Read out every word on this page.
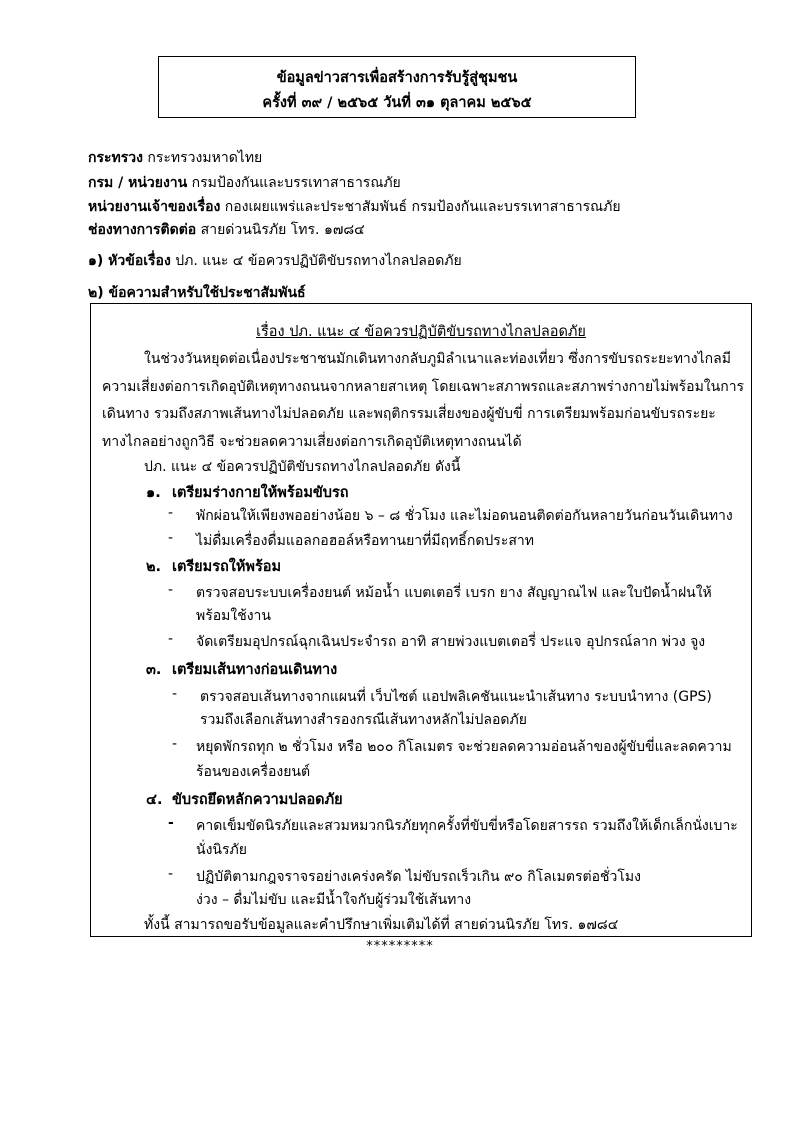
ข้อมูลข่าวสารเพื่อสร้างการรับรู้สู่ชุมชน
ครั้งที่ ๓๙ / ๒๕๖๕ วันที่ ๓๑ ตุลาคม ๒๕๖๕
กระทรวง กระทรวงมหาดไทย
กรม / หน่วยงาน กรมป้องกันและบรรเทาสาธารณภัย
หน่วยงานเจ้าของเรื่อง กองเผยแพร่และประชาสัมพันธ์ กรมป้องกันและบรรเทาสาธารณภัย
ช่องทางการติดต่อ สายด่วนนิรภัย โทร. ๑๗๘๔
๑) หัวข้อเรื่อง ปภ. แนะ ๔ ข้อควรปฏิบัติขับรถทางไกลปลอดภัย
๒) ข้อความสำหรับใช้ประชาสัมพันธ์
เรื่อง ปภ. แนะ ๔ ข้อควรปฏิบัติขับรถทางไกลปลอดภัย

ในช่วงวันหยุดต่อเนื่องประชาชนมักเดินทางกลับภูมิลำเนาและท่องเที่ยว ซึ่งการขับรถระยะทางไกลมี

ความเสี่ยงต่อการเกิดอุบัติเหตุทางถนนจากหลายสาเหตุ โดยเฉพาะสภาพรถและสภาพร่างกายไม่พร้อมในการ

เดินทาง รวมถึงสภาพเส้นทางไม่ปลอดภัย และพฤติกรรมเสี่ยงของผู้ขับขี่ การเตรียมพร้อมก่อนขับรถระยะ

ทางไกลอย่างถูกวิธี จะช่วยลดความเสี่ยงต่อการเกิดอุบัติเหตุทางถนนได้

ปภ. แนะ ๔ ข้อควรปฏิบัติขับรถทางไกลปลอดภัย ดังนี้
๑. เตรียมร่างกายให้พร้อมขับรถ
- พักผ่อนให้เพียงพออย่างน้อย ๖ – ๘ ชั่วโมง และไม่อดนอนติดต่อกันหลายวันก่อนวันเดินทาง
- ไม่ดื่มเครื่องดื่มแอลกอฮอล์หรือทานยาที่มีฤทธิ์กดประสาท
๒. เตรียมรถให้พร้อม
- ตรวจสอบระบบเครื่องยนต์ หม้อน้ำ แบตเตอรี่ เบรก ยาง สัญญาณไฟ และใบปัดน้ำฝนให้
พร้อมใช้งาน
- จัดเตรียมอุปกรณ์ฉุกเฉินประจำรถ อาทิ สายพ่วงแบตเตอรี่ ประแจ อุปกรณ์ลาก พ่วง จูง
๓. เตรียมเส้นทางก่อนเดินทาง
- ตรวจสอบเส้นทางจากแผนที่ เว็บไซต์ แอปพลิเคชันแนะนำเส้นทาง ระบบนำทาง (GPS)
รวมถึงเลือกเส้นทางสำรองกรณีเส้นทางหลักไม่ปลอดภัย
- หยุดพักรถทุก ๒ ชั่วโมง หรือ ๒๐๐ กิโลเมตร จะช่วยลดความอ่อนล้าของผู้ขับขี่และลดความ
ร้อนของเครื่องยนต์
๔. ขับรถยึดหลักความปลอดภัย
- คาดเข็มขัดนิรภัยและสวมหมวกนิรภัยทุกครั้งที่ขับขี่หรือโดยสารรถ รวมถึงให้เด็กเล็กนั่งเบาะ
นั่งนิรภัย
- ปฏิบัติตามกฎจราจรอย่างเคร่งครัด ไม่ขับรถเร็วเกิน ๙๐ กิโลเมตรต่อชั่วโมง
ง่วง – ดื่มไม่ขับ และมีน้ำใจกับผู้ร่วมใช้เส้นทาง
ทั้งนี้ สามารถขอรับข้อมูลและคำปรึกษาเพิ่มเติมได้ที่ สายด่วนนิรภัย โทร. ๑๗๘๔
*********
